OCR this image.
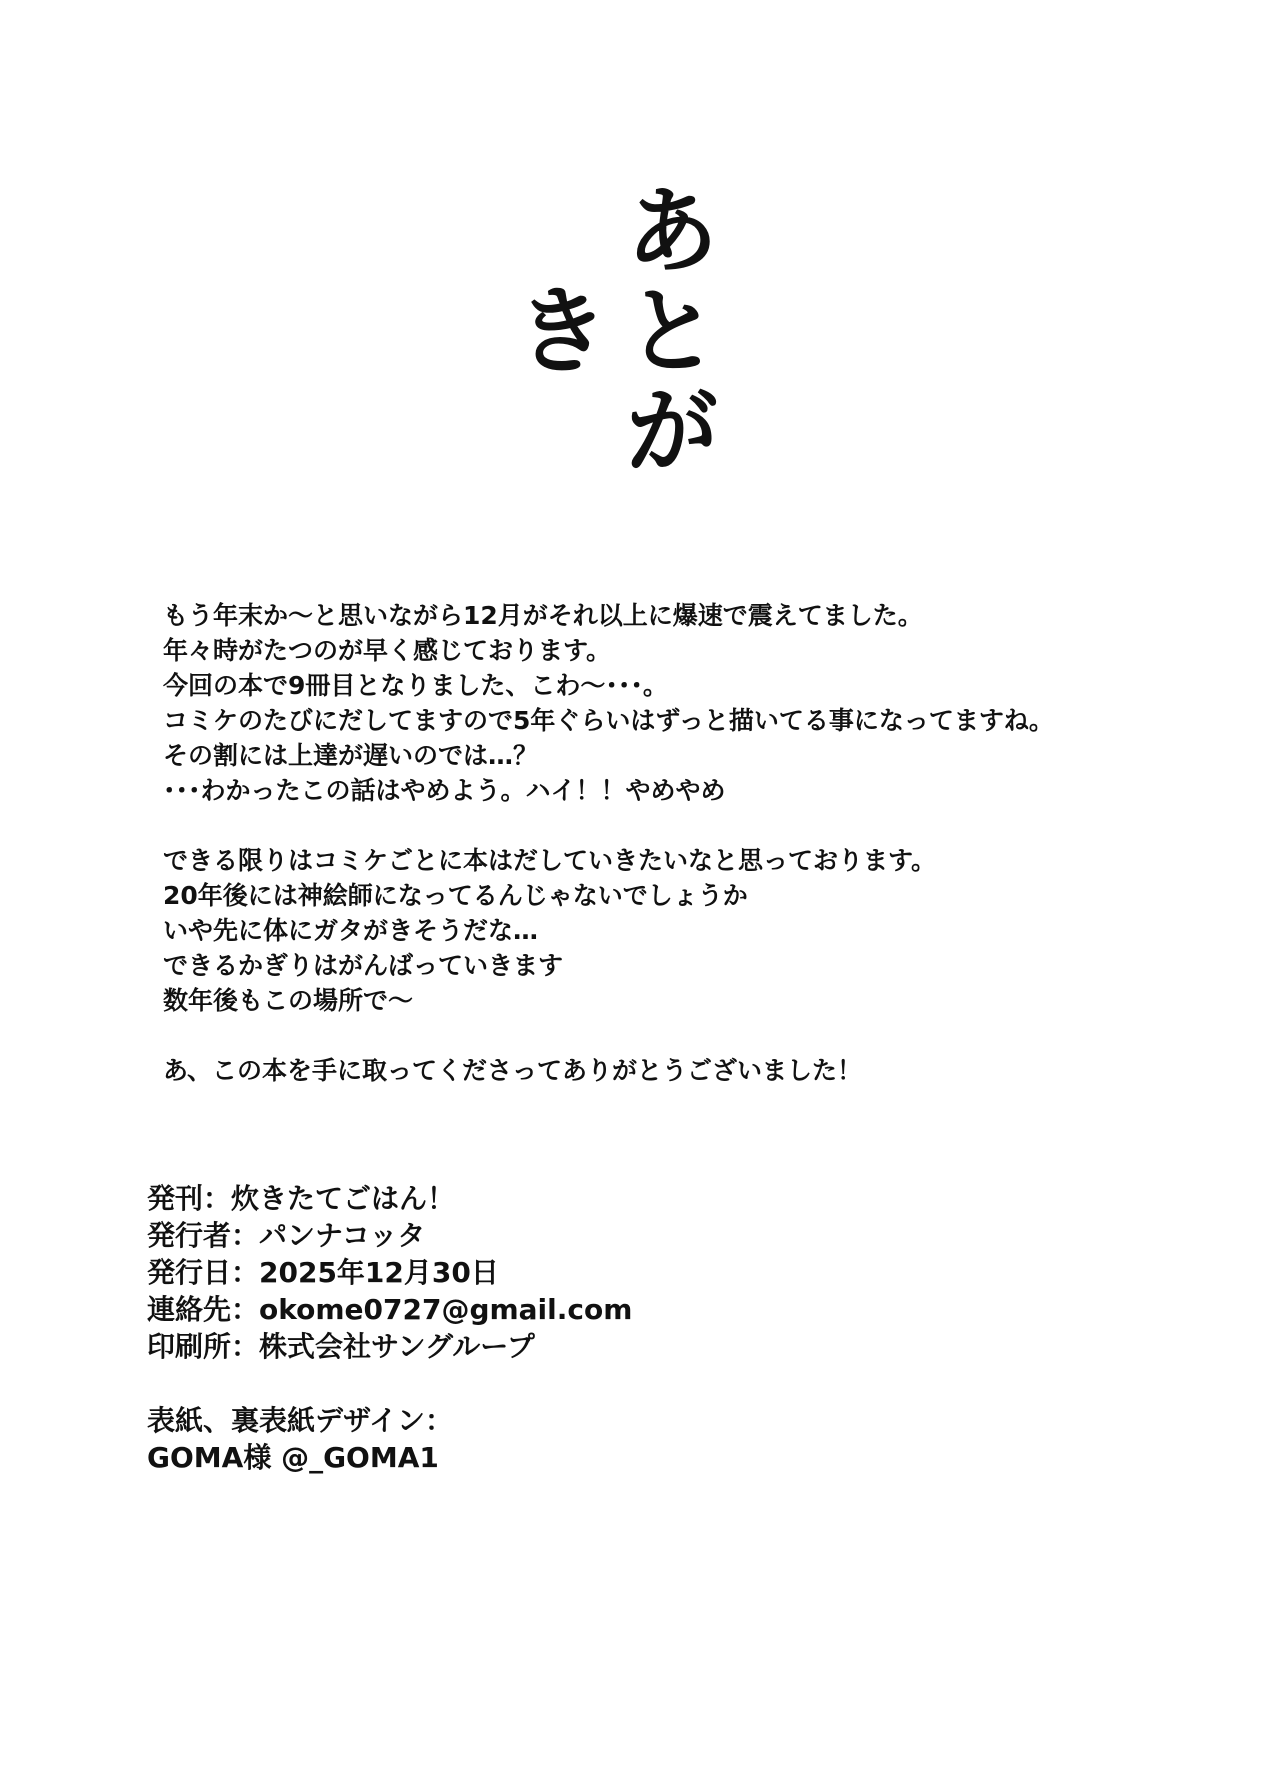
あとがき
もう年末か〜と思いながら12月がそれ以上に爆速で震えてました。
年々時がたつのが早く感じております。
今回の本で9冊目となりました、こわ〜･･･。
コミケのたびにだしてますので5年ぐらいはずっと描いてる事になってますね。
その割には上達が遅いのでは…？
･･･わかったこの話はやめよう。ハイ！！やめやめ
できる限りはコミケごとに本はだしていきたいなと思っております。
20年後には神絵師になってるんじゃないでしょうか
いや先に体にガタがきそうだな…
できるかぎりはがんばっていきます
数年後もこの場所で〜
あ、この本を手に取ってくださってありがとうございました！
発刊：炊きたてごはん！
発行者：パンナコッタ
発行日：2025年12月30日
連絡先：okome0727@gmail.com
印刷所：株式会社サングループ
表紙、裏表紙デザイン：
GOMA様 @_GOMA1
